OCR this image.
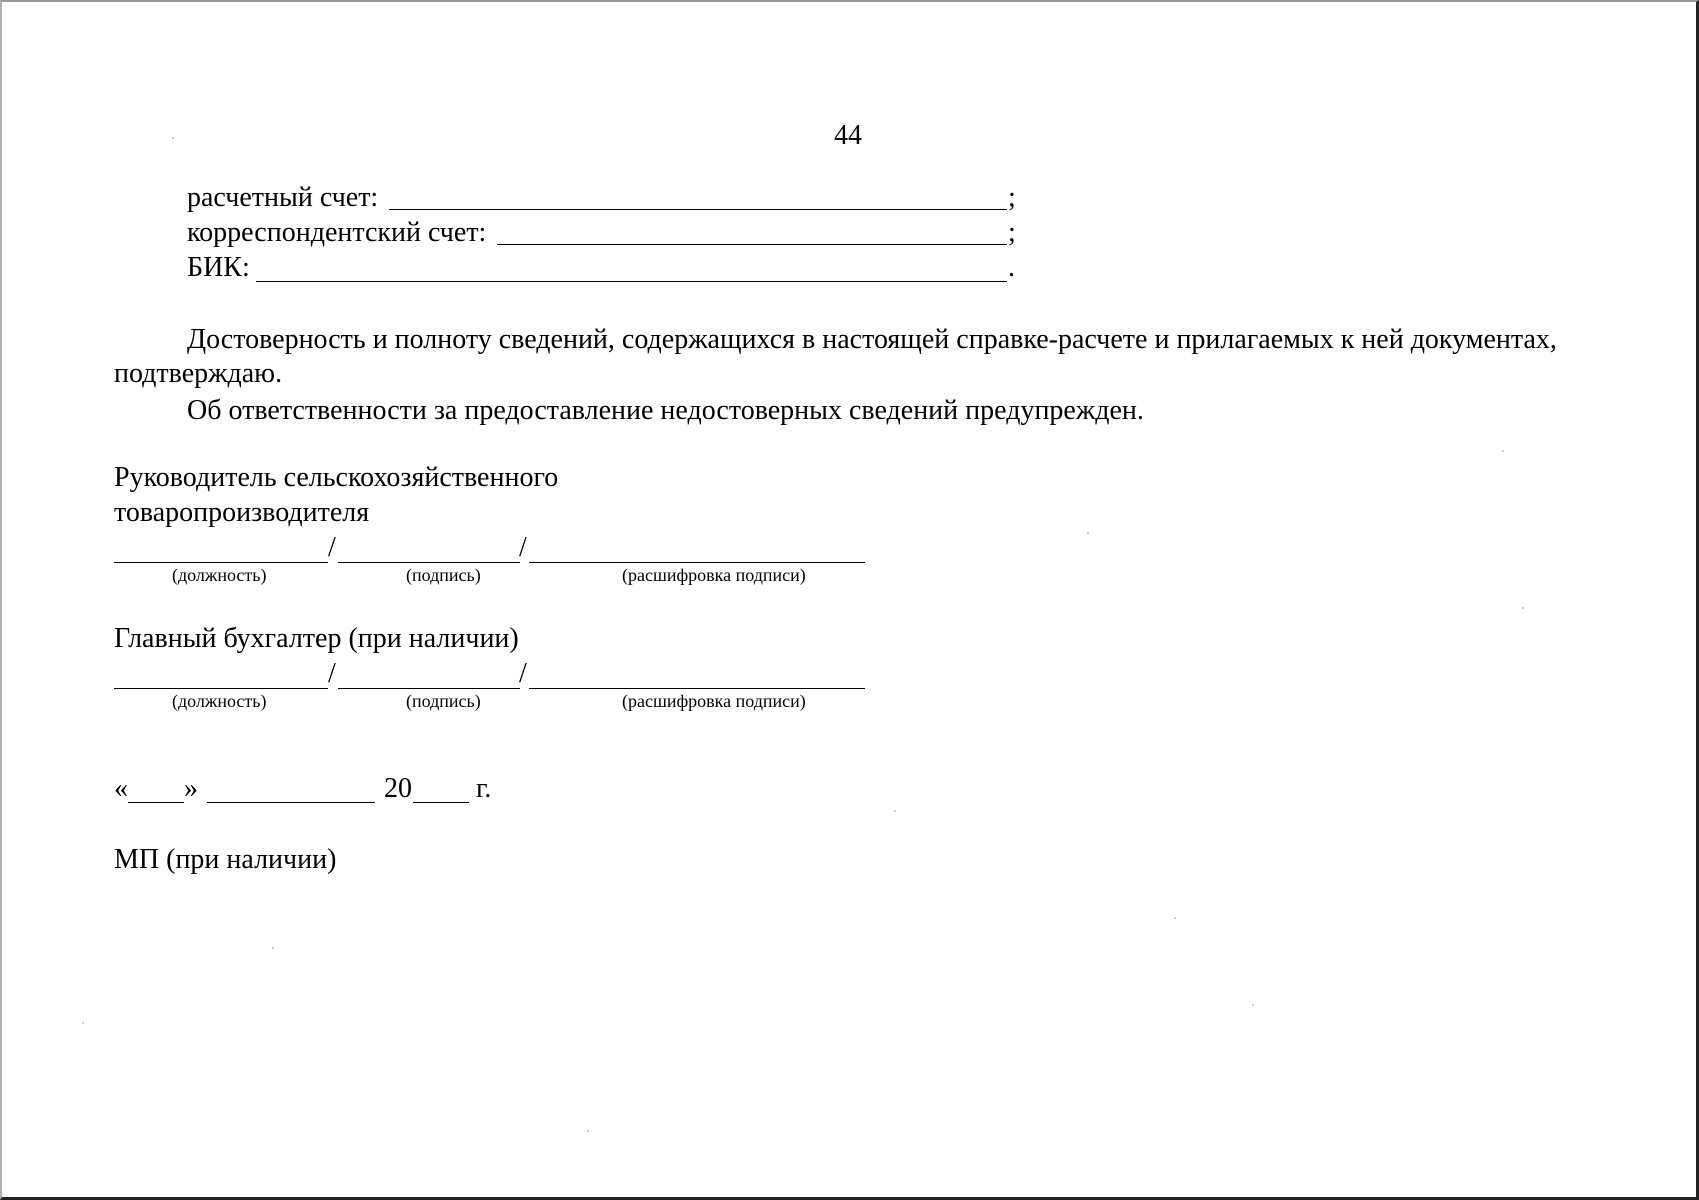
44
расчетный счет:	;
корреспондентский счет:	;
БИК:	.
Достоверность и полноту сведений, содержащихся в настоящей справке-расчете и прилагаемых к ней документах,
подтверждаю.
Об ответственности за предоставление недостоверных сведений предупрежден.
Руководитель сельскохозяйственного
товаропроизводителя
/	/
(должность)	(подпись)	(расшифровка подписи)
Главный бухгалтер (при наличии)
/	/
(должность)	(подпись)	(расшифровка подписи)
« »	20 г.
МП (при наличии)
